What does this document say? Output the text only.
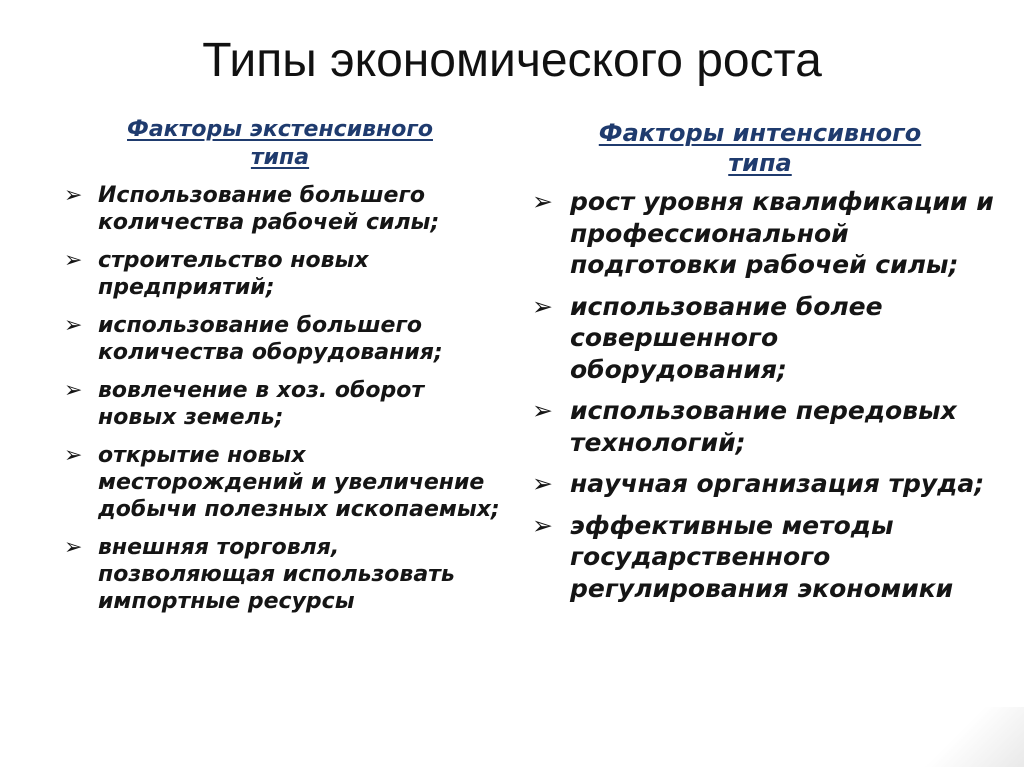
Типы экономического роста
Факторы экстенсивного
типа
➢ Использование большего количества рабочей силы;
➢ строительство новых предприятий;
➢ использование большего количества оборудования;
➢ вовлечение в хоз. оборот новых земель;
➢ открытие новых месторождений и увеличение добычи полезных ископаемых;
➢ внешняя торговля, позволяющая использовать импортные ресурсы
Факторы интенсивного
типа
➢ рост уровня квалификации и профессиональной подготовки рабочей силы;
➢ использование более совершенного оборудования;
➢ использование передовых технологий;
➢ научная организация труда;
➢ эффективные методы государственного регулирования экономики
